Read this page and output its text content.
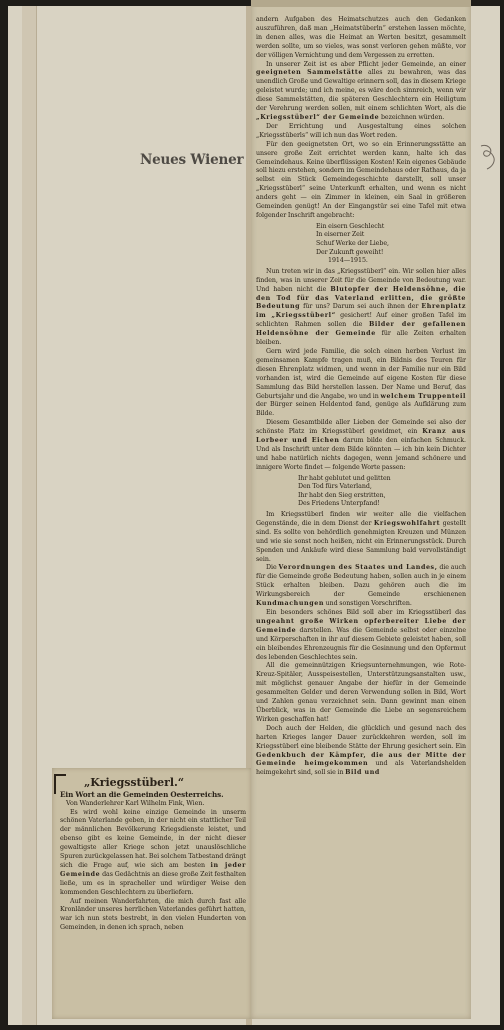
Neues Wiener

andern Aufgaben des Heimatschutzes auch den Gedanken auszuführen, daß man „Heimatstüberln“ erstehen lassen möchte, in denen alles, was die Heimat an Werten besitzt, gesammelt werden sollte, um so vieles, was sonst verloren gehen müßte, vor der völligen Vernichtung und dem Vergessen zu erretten.

In unserer Zeit ist es aber Pflicht jeder Gemeinde, an einer geeigneten Sammelstätte alles zu bewahren, was das unendlich Große und Gewaltige erinnern soll, das in diesem Kriege geleistet wurde; und ich meine, es wäre doch sinnreich, wenn wir diese Sammelstätten, die späteren Geschlechtern ein Heiligtum der Verehrung werden sollen, mit einem schlichten Wort, als die „Kriegsstüberl“ der Gemeinde bezeichnen würden.

Der Errichtung und Ausgestaltung eines solchen „Kriegsstüberls“ will ich nun das Wort reden.

Für den geeignetsten Ort, wo so ein Erinnerungsstätte an unsere große Zeit errichtet werden kann, halte ich das Gemeindehaus. Keine überflüssigen Kosten! Kein eigenes Gebäude soll hiezu erstehen, sondern im Gemeindehaus oder Rathaus, da ja selbst ein Stück Gemeindegeschichte darstellt, soll unser „Kriegsstüberl“ seine Unterkunft erhalten, und wenn es nicht anders geht — ein Zimmer in kleinen, ein Saal in größeren Gemeinden genügt! An der Eingangstür sei eine Tafel mit etwa folgender Inschrift angebracht:

Ein eisern Geschlecht
In eiserner Zeit
Schuf Werke der Liebe,
Der Zukunft geweiht!
1914—1915.

Nun treten wir in das „Kriegsstüberl“ ein. Wir sollen hier alles finden, was in unserer Zeit für die Gemeinde von Bedeutung war. Und haben nicht die Blutopfer der Heldensöhne, die den Tod für das Vaterland erlitten, die größte Bedeutung für uns? Darum sei auch ihnen der Ehrenplatz im „Kriegsstüberl“ gesichert! Auf einer großen Tafel im schlichten Rahmen sollen die Bilder der gefallenen Heldensöhne der Gemeinde für alle Zeiten erhalten bleiben.

Gern wird jede Familie, die solch einen herben Verlust im gemeinsamen Kampfe tragen muß, ein Bildnis des Teuren für diesen Ehrenplatz widmen, und wenn in der Familie nur ein Bild vorhanden ist, wird die Gemeinde auf eigene Kosten für diese Sammlung das Bild herstellen lassen. Der Name und Beruf, das Geburtsjahr und die Angabe, wo und in welchem Truppenteil der Bürger seinen Heldentod fand, genüge als Aufklärung zum Bilde.

Diesem Gesamtbilde aller Lieben der Gemeinde sei also der schönste Platz im Kriegsstüberl gewidmet, ein Kranz aus Lorbeer und Eichen darum bilde den einfachen Schmuck. Und als Inschrift unter dem Bilde könnten — ich bin kein Dichter und habe natürlich nichts dagegen, wenn jemand schönere und innigere Worte findet — folgende Worte passen:

Ihr habt geblutet und gelitten
Den Tod fürs Vaterland,
Ihr habt den Sieg erstritten,
Des Friedens Unterpfand!

Im Kriegsstüberl finden wir weiter alle die vielfachen Gegenstände, die in dem Dienst der Kriegswohlfahrt gestellt sind. Es sollte von behördlich genehmigten Kreuzen und Münzen und wie sie sonst noch heißen, nicht ein Erinnerungsstück. Durch Spenden und Ankäufe wird diese Sammlung bald vervollständigt sein.

Die Verordnungen des Staates und Landes, die auch für die Gemeinde große Bedeutung haben, sollen auch in je einem Stück erhalten bleiben. Dazu gehören auch die im Wirkungsbereich der Gemeinde erschienenen Kundmachungen und sonstigen Vorschriften.

Ein besonders schönes Bild soll aber im Kriegsstüberl das ungeahnt große Wirken opferbereiter Liebe der Gemeinde darstellen. Was die Gemeinde selbst oder einzelne und Körperschaften in ihr auf diesem Gebiete geleistet haben, soll ein bleibendes Ehrenzeugnis für die Gesinnung und den Opfermut des lebenden Geschlechtes sein.

All die gemeinnützigen Kriegsunternehmungen, wie Rote-Kreuz-Spitäler, Ausspeisestellen, Unterstützungsanstalten usw., mit möglichst genauer Angabe der hiefür in der Gemeinde gesammelten Gelder und deren Verwendung sollen in Bild, Wort und Zahlen genau verzeichnet sein. Dann gewinnt man einen Überblick, was in der Gemeinde die Liebe an segensreichem Wirken geschaffen hat!

Doch auch der Helden, die glücklich und gesund nach des harten Krieges langer Dauer zurückkehren werden, soll im Kriegsstüberl eine bleibende Stätte der Ehrung gesichert sein. Ein Gedenkbuch der Kämpfer, die aus der Mitte der Gemeinde heimgekommen und als Vaterlandshelden heimgekehrt sind, soll sie in Bild und

„Kriegsstüberl.“
Ein Wort an die Gemeinden Oesterreichs.
Von Wanderlehrer Karl Wilhelm Fink, Wien.

Es wird wohl keine einzige Gemeinde in unserm schönen Vaterlande geben, in der nicht ein stattlicher Teil der männlichen Bevölkerung Kriegsdienste leistet, und ebenso gibt es keine Gemeinde, in der nicht dieser gewaltigste aller Kriege schon jetzt unauslöschliche Spuren zurückgelassen hat. Bei solchem Tatbestand drängt sich die Frage auf, wie sich am besten in jeder Gemeinde das Gedächtnis an diese große Zeit festhalten ließe, um es in spracheller und würdiger Weise den kommenden Geschlechtern zu überliefern.

Auf meinen Wanderfahrten, die mich durch fast alle Kronländer unseres herrlichen Vaterlandes geführt hatten, war ich nun stets bestrebt, in den vielen Hunderten von Gemeinden, in denen ich sprach, neben
